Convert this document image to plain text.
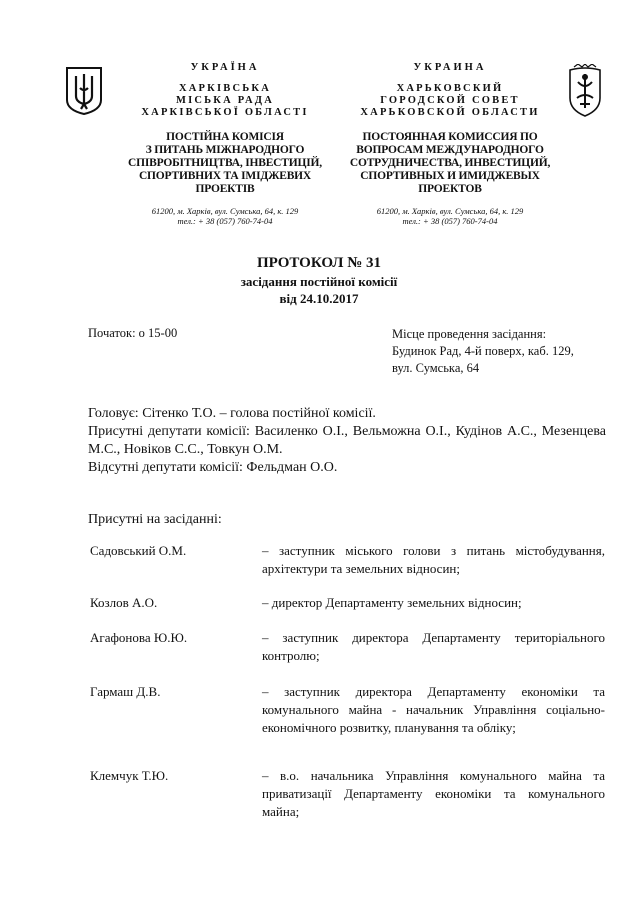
УКРАЇНА
ХАРКІВСЬКА
МІСЬКА РАДА
ХАРКІВСЬКОЇ ОБЛАСТІ
ПОСТІЙНА КОМІСІЯ
З ПИТАНЬ МІЖНАРОДНОГО
СПІВРОБІТНИЦТВА, ІНВЕСТИЦІЙ,
СПОРТИВНИХ ТА ІМІДЖЕВИХ
ПРОЕКТІВ
61200, м. Харків, вул. Сумська, 64, к. 129
тел.: + 38 (057) 760-74-04
УКРАИНА
ХАРЬКОВСКИЙ
ГОРОДСКОЙ СОВЕТ
ХАРЬКОВСКОЙ ОБЛАСТИ
ПОСТОЯННАЯ КОМИССИЯ ПО
ВОПРОСАМ МЕЖДУНАРОДНОГО
СОТРУДНИЧЕСТВА, ИНВЕСТИЦИЙ,
СПОРТИВНЫХ И ИМИДЖЕВЫХ
ПРОЕКТОВ
61200, м. Харків, вул. Сумська, 64, к. 129
тел.: + 38 (057) 760-74-04
ПРОТОКОЛ № 31
засідання постійної комісії
від 24.10.2017
Початок: о 15-00	Місце проведення засідання:
Будинок Рад, 4-й поверх, каб. 129,
вул. Сумська, 64

Головує: Сітенко Т.О. – голова постійної комісії.

Присутні депутати комісії: Василенко О.І., Вельможна О.І., Кудінов А.С., Мезенцева М.С., Новіков С.С., Товкун О.М.

Відсутні депутати комісії: Фельдман О.О.

Присутні на засіданні:
Садовський О.М.	– заступник міського голови з питань містобудування, архітектури та земельних відносин;
Козлов А.О.	– директор Департаменту земельних відносин;
Агафонова Ю.Ю.	– заступник директора Департаменту територіального контролю;
Гармаш Д.В.	– заступник директора Департаменту економіки та комунального майна - начальник Управління соціально-економічного розвитку, планування та обліку;
Клемчук Т.Ю.	– в.о. начальника Управління комунального майна та приватизації Департаменту економіки та комунального майна;
